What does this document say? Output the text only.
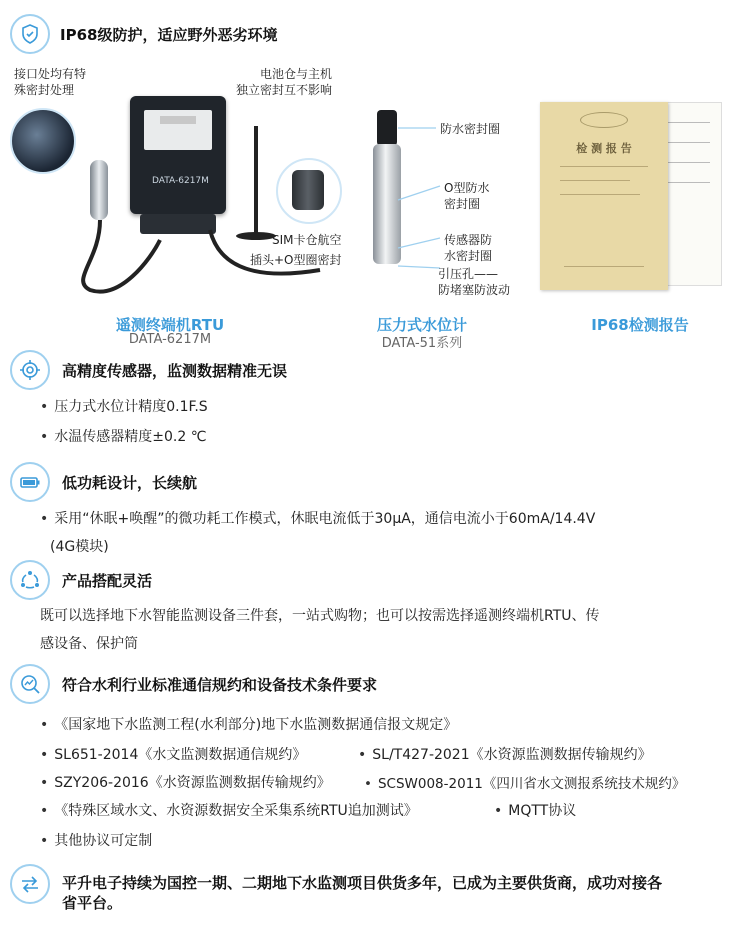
IP68级防护，适应野外恶劣环境
接口处均有特
殊密封处理
DATA-6217M
电池仓与主机
独立密封互不影响
SIM卡仓航空
插头+O型圈密封
防水密封圈
O型防水
密封圈
传感器防
水密封圈
引压孔——
防堵塞防波动
检 测 报 告
遥测终端机RTU
DATA-6217M
压力式水位计
DATA-51系列
IP68检测报告
高精度传感器，监测数据精准无误
• 压力式水位计精度0.1F.S
• 水温传感器精度±0.2 ℃
低功耗设计，长续航
• 采用“休眠+唤醒”的微功耗工作模式，休眠电流低于30μA，通信电流小于60mA/14.4V
(4G模块)
产品搭配灵活
既可以选择地下水智能监测设备三件套，一站式购物；也可以按需选择遥测终端机RTU、传
感设备、保护筒
符合水利行业标准通信规约和设备技术条件要求
• 《国家地下水监测工程(水利部分)地下水监测数据通信报文规定》
• SL651-2014《水文监测数据通信规约》	• SL/T427-2021《水资源监测数据传输规约》
• SZY206-2016《水资源监测数据传输规约》	• SCSW008-2011《四川省水文测报系统技术规约》
• 《特殊区域水文、水资源数据安全采集系统RTU追加测试》	• MQTT协议
• 其他协议可定制
平升电子持续为国控一期、二期地下水监测项目供货多年，已成为主要供货商，成功对接各
省平台。
